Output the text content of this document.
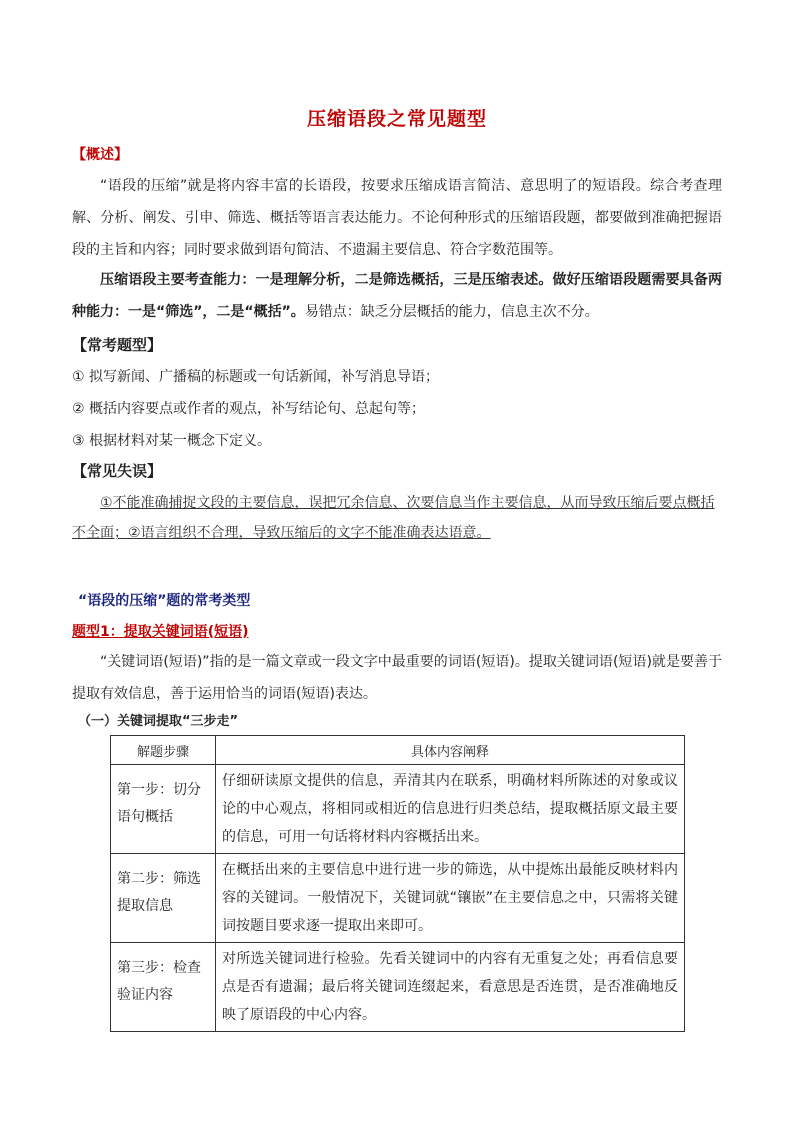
压缩语段之常见题型
【概述】
“语段的压缩”就是将内容丰富的长语段，按要求压缩成语言简洁、意思明了的短语段。综合考查理解、分析、阐发、引申、筛选、概括等语言表达能力。不论何种形式的压缩语段题，都要做到准确把握语段的主旨和内容；同时要求做到语句简洁、不遗漏主要信息、符合字数范围等。
压缩语段主要考查能力：一是理解分析，二是筛选概括，三是压缩表述。做好压缩语段题需要具备两种能力：一是“筛选”，二是“概括”。易错点：缺乏分层概括的能力，信息主次不分。
【常考题型】
① 拟写新闻、广播稿的标题或一句话新闻，补写消息导语；
② 概括内容要点或作者的观点，补写结论句、总起句等；
③ 根据材料对某一概念下定义。
【常见失误】
①不能准确捕捉文段的主要信息，误把冗余信息、次要信息当作主要信息，从而导致压缩后要点概括不全面；②语言组织不合理，导致压缩后的文字不能准确表达语意。
“语段的压缩”题的常考类型
题型1：提取关键词语(短语)
“关键词语(短语)”指的是一篇文章或一段文字中最重要的词语(短语)。提取关键词语(短语)就是要善于提取有效信息，善于运用恰当的词语(短语)表达。
（一）关键词提取“三步走”
解题步骤	具体内容阐释
第一步：切分语句概括	仔细研读原文提供的信息，弄清其内在联系，明确材料所陈述的对象或议论的中心观点，将相同或相近的信息进行归类总结，提取概括原文最主要的信息，可用一句话将材料内容概括出来。
第二步：筛选提取信息	在概括出来的主要信息中进行进一步的筛选，从中提炼出最能反映材料内容的关键词。一般情况下，关键词就“镶嵌”在主要信息之中，只需将关键词按题目要求逐一提取出来即可。
第三步：检查验证内容	对所选关键词进行检验。先看关键词中的内容有无重复之处；再看信息要点是否有遗漏；最后将关键词连缀起来，看意思是否连贯，是否准确地反映了原语段的中心内容。
